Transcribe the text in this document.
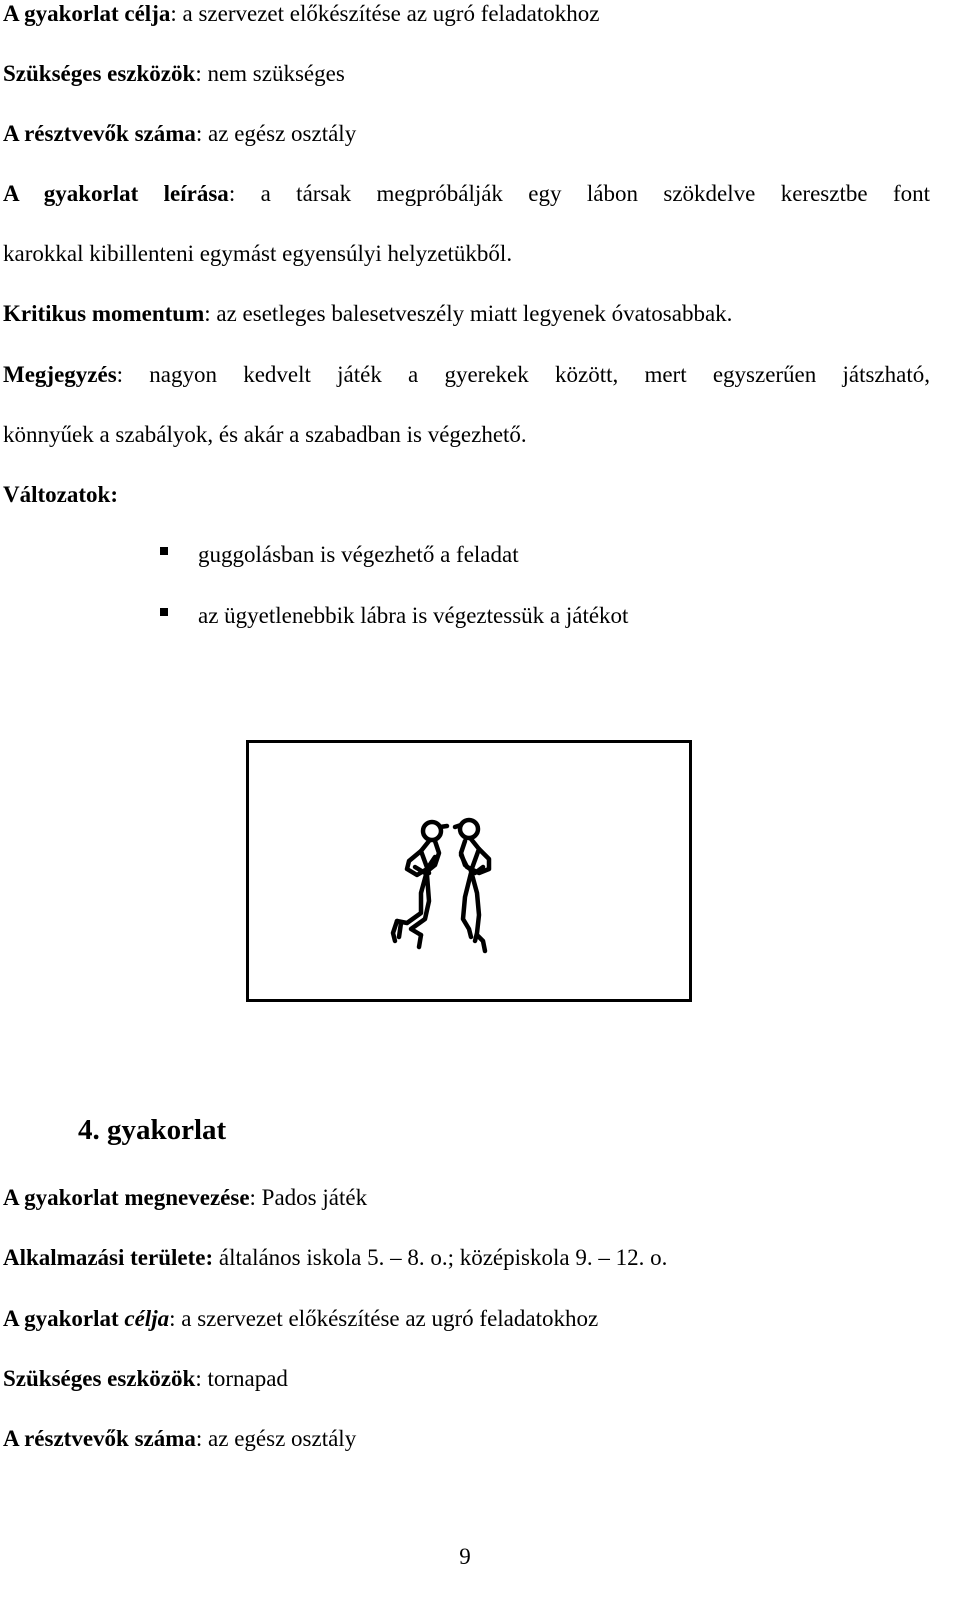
A gyakorlat célja: a szervezet előkészítése az ugró feladatokhoz
Szükséges eszközök: nem szükséges
A résztvevők száma: az egész osztály
A gyakorlat leírása: a társak megpróbálják egy lábon szökdelve keresztbe font
karokkal kibillenteni egymást egyensúlyi helyzetükből.
Kritikus momentum: az esetleges balesetveszély miatt legyenek óvatosabbak.
Megjegyzés: nagyon kedvelt játék a gyerekek között, mert egyszerűen játszható,
könnyűek a szabályok, és akár a szabadban is végezhető.
Változatok:
guggolásban is végezhető a feladat
az ügyetlenebbik lábra is végeztessük a játékot
4. gyakorlat
A gyakorlat megnevezése: Pados játék
Alkalmazási területe: általános iskola 5. – 8. o.; középiskola 9. – 12. o.
A gyakorlat célja: a szervezet előkészítése az ugró feladatokhoz
Szükséges eszközök: tornapad
A résztvevők száma: az egész osztály
9
